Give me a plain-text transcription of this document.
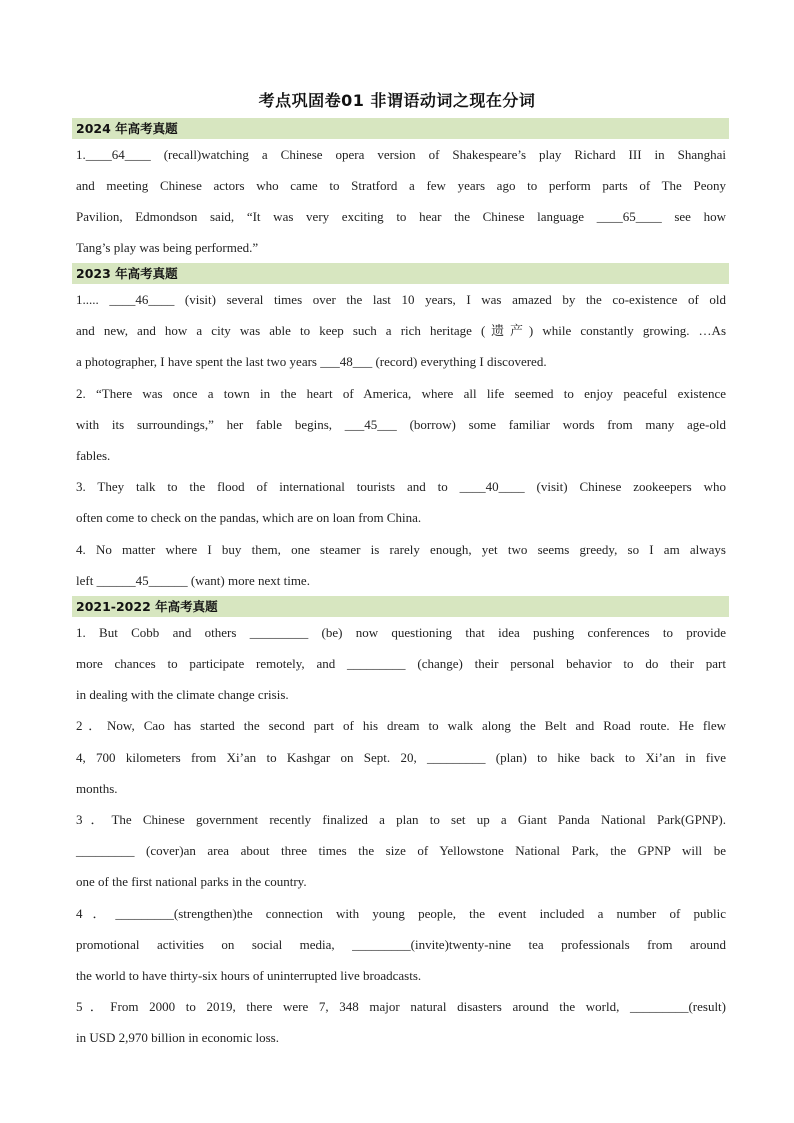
考点巩固卷01 非谓语动词之现在分词
2024 年高考真题
1.____64____ (recall)watching a Chinese opera version of Shakespeare’s play Richard III in Shanghai
and meeting Chinese actors who came to Stratford a few years ago to perform parts of The Peony
Pavilion, Edmondson said, “It was very exciting to hear the Chinese language ____65____ see how
Tang’s play was being performed.”
2023 年高考真题
1..... ____46____ (visit) several times over the last 10 years, I was amazed by the co-existence of old
and new, and how a city was able to keep such a rich heritage (遗产) while constantly growing. …As
a photographer, I have spent the last two years ___48___ (record) everything I discovered.
2. “There was once a town in the heart of America, where all life seemed to enjoy peaceful existence
with its surroundings,” her fable begins, ___45___ (borrow) some familiar words from many age-old
fables.
3. They talk to the flood of international tourists and to ____40____ (visit) Chinese zookeepers who
often come to check on the pandas, which are on loan from China.
4. No matter where I buy them, one steamer is rarely enough, yet two seems greedy, so I am always
left ______45______ (want) more next time.
2021-2022 年高考真题
1. But Cobb and others _________ (be) now questioning that idea pushing conferences to provide
more chances to participate remotely, and _________ (change) their personal behavior to do their part
in dealing with the climate change crisis.
2．Now, Cao has started the second part of his dream to walk along the Belt and Road route. He flew
4, 700 kilometers from Xi’an to Kashgar on Sept. 20, _________ (plan) to hike back to Xi’an in five
months.
3．The Chinese government recently finalized a plan to set up a Giant Panda National Park(GPNP).
_________ (cover)an area about three times the size of Yellowstone National Park, the GPNP will be
one of the first national parks in the country.
4．_________(strengthen)the connection with young people, the event included a number of public
promotional activities on social media, _________(invite)twenty-nine tea professionals from around
the world to have thirty-six hours of uninterrupted live broadcasts.
5．From 2000 to 2019, there were 7, 348 major natural disasters around the world, _________(result)
in USD 2,970 billion in economic loss.
